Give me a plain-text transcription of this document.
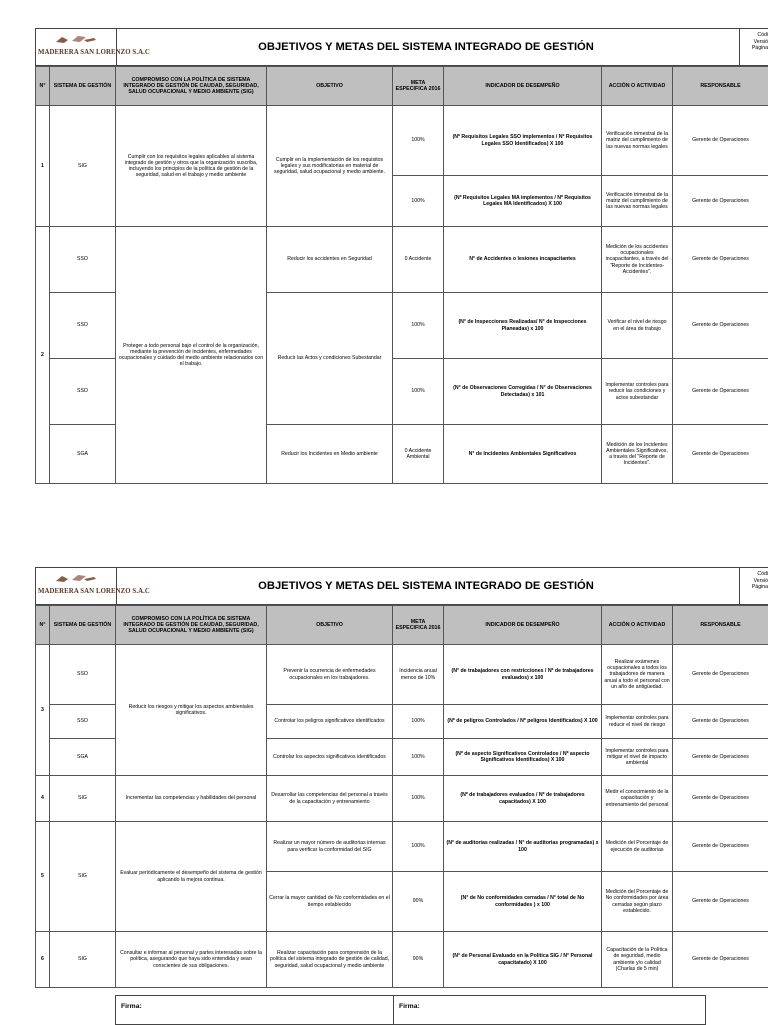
MADERERA SAN LORENZO S.A.C	OBJETIVOS Y METAS DEL SISTEMA INTEGRADO DE GESTIÓN
Códi
Versió
Página
N°	SISTEMA DE GESTIÓN	COMPROMISO CON LA POLÍTICA DE SISTEMA INTEGRADO DE GESTIÓN DE CAUDAD, SEGURIDAD, SALUD OCUPACIONAL Y MEDIO AMBIENTE (SIG)	OBJETIVO	META ESPECIFICA 2016	INDICADOR DE DESEMPEÑO	ACCIÓN O ACTIVIDAD	RESPONSABLE
1	SIG	Cumplir con los requisitos legales aplicables al sistema integrado de gestión y otros que la organización suscriba, incluyendo los principios de la política de gestión de la seguridad, salud en el trabajo y medio ambiente	Cumplir en la implementación de los requisitos legales y sus modificatorias en material de seguridad, salud ocupacional y medio ambiente.	100%	(Nº Requisitos Legales SSO implementos / Nº Requisitos Legales SSO Identificados) X 100	Verificación trimestral de la matriz del cumplimiento de las nuevas normas legales	Gerente de Operaciones
				100%	(Nº Requisitos Legales MA implementos / Nº Requisitos Legales MA Identificados) X 100	Verificación trimestral de la matriz del cumplimiento de las nuevas normas legales	Gerente de Operaciones
2	SSO	Proteger a todo personal bajo el control de la organización, mediante la prevención de incidentes, enfermedades ocupacionales y cuidado del medio ambiente relacionados con el trabajo.	Reducir los accidentes en Seguridad	0 Accidente	N° de Accidentes o lesiones incapacitantes	Medición de los accidentes ocupacionales incapacitantes, a través del "Reporte de Incidentes-Accidentes".	Gerente de Operaciones
	SSO		Reducir las Actos y condiciones Subestandar	100%	(N° de Inspecciones Realizadas/ N° de Inspecciones Planeadas) x 100	Verificar el nivel de riesgo en el área de trabajo	Gerente de Operaciones
	SSO			100%	(N° de Observaciones Corregidas / N° de Observaciones Detectadas) x 101	Implementar controles para reducir las condiciones y actos subestandar	Gerente de Operaciones
	SGA		Reducir los Incidentes en Medio ambiente	0 Accidente Ambiental	N° de Incidentes Ambientales Significativos	Medición de los Incidentes Ambientales Significativos, a través del "Reporte de Incidentes".	Gerente de Operaciones
MADERERA SAN LORENZO S.A.C	OBJETIVOS Y METAS DEL SISTEMA INTEGRADO DE GESTIÓN
Códi
Versió
Página
N°	SISTEMA DE GESTIÓN	COMPROMISO CON LA POLÍTICA DE SISTEMA INTEGRADO DE GESTIÓN DE CAUDAD, SEGURIDAD, SALUD OCUPACIONAL Y MEDIO AMBIENTE (SIG)	OBJETIVO	META ESPECIFICA 2016	INDICADOR DE DESEMPEÑO	ACCIÓN O ACTIVIDAD	RESPONSABLE
3	SSO	Reducir los riesgos y mitigar los aspectos ambientales significativos.	Prevenir la ocurrencia de enfermedades ocupacionales en los trabajadores.	Incidencia anual menos de 10%	(N° de trabajadores con restricciones / Nº de trabajadores evaluados) x 100	Realizar exámenes ocupacionales a todos los trabajadores de manera anual a todo el personal con un año de antigüedad.	Gerente de Operaciones
	SSO		Controlar los peligros significativos identificados	100%	(Nº de peligros Controlados / Nº peligros Identificados) X 100	Implementar controles para reducir el nivel de riesgo	Gerente de Operaciones
	SGA		Controlar los aspectos significativos identificados	100%	(Nº de aspecto Significativos Controlados / Nº aspecto Significativos Identificados) X 100	Implementar controles para mitigar el nivel de impacto ambiental	Gerente de Operaciones
4	SIG	Incrementar las competencias y habilidades del personal	Desarrollar las competencias del personal a través de la capacitación y entrenamiento	100%	(Nº de trabajadores evaluados / Nº de trabajadores capacitados) X 100	Medir el conocimiento de la capacitación y entrenamiento del personal	Gerente de Operaciones
5	SIG	Evaluar periódicamente el desempeño del sistema de gestión aplicando la mejora continua.	Realizar un mayor número de auditorias internas para verificar la conformidad del SIG	100%	(N° de auditorias realizadas / N° de auditorias programadas) x 100	Medición del Porcentaje de ejecución de auditorias	Gerente de Operaciones
			Cerrar la mayor cantidad de No conformidades en el tiempo establecido	90%	(N° de No conformidades cerradas / N° total de No conformidades ) x 100	Medición del Porcentaje de No conformidades por área cerradas según plazo establecido.	Gerente de Operaciones
6	SIG	Consultar e informar al personal y partes interesadas sobre la política, asegurando que haya sido entendida y sean conscientes de sus obligaciones.	Realizar capacitación para comprensión de la política del sistema integrado de gestión de calidad, seguridad, salud ocupacional y medio ambiente	90%	(N° de Personal Evaluado en la Politica SIG / N° Personal capacitatado) X 100	Capacitación de la Política de seguridad, medio ambiente y/o calidad (Charlas de 5 min)	Gerente de Operaciones
Firma:	Firma:
